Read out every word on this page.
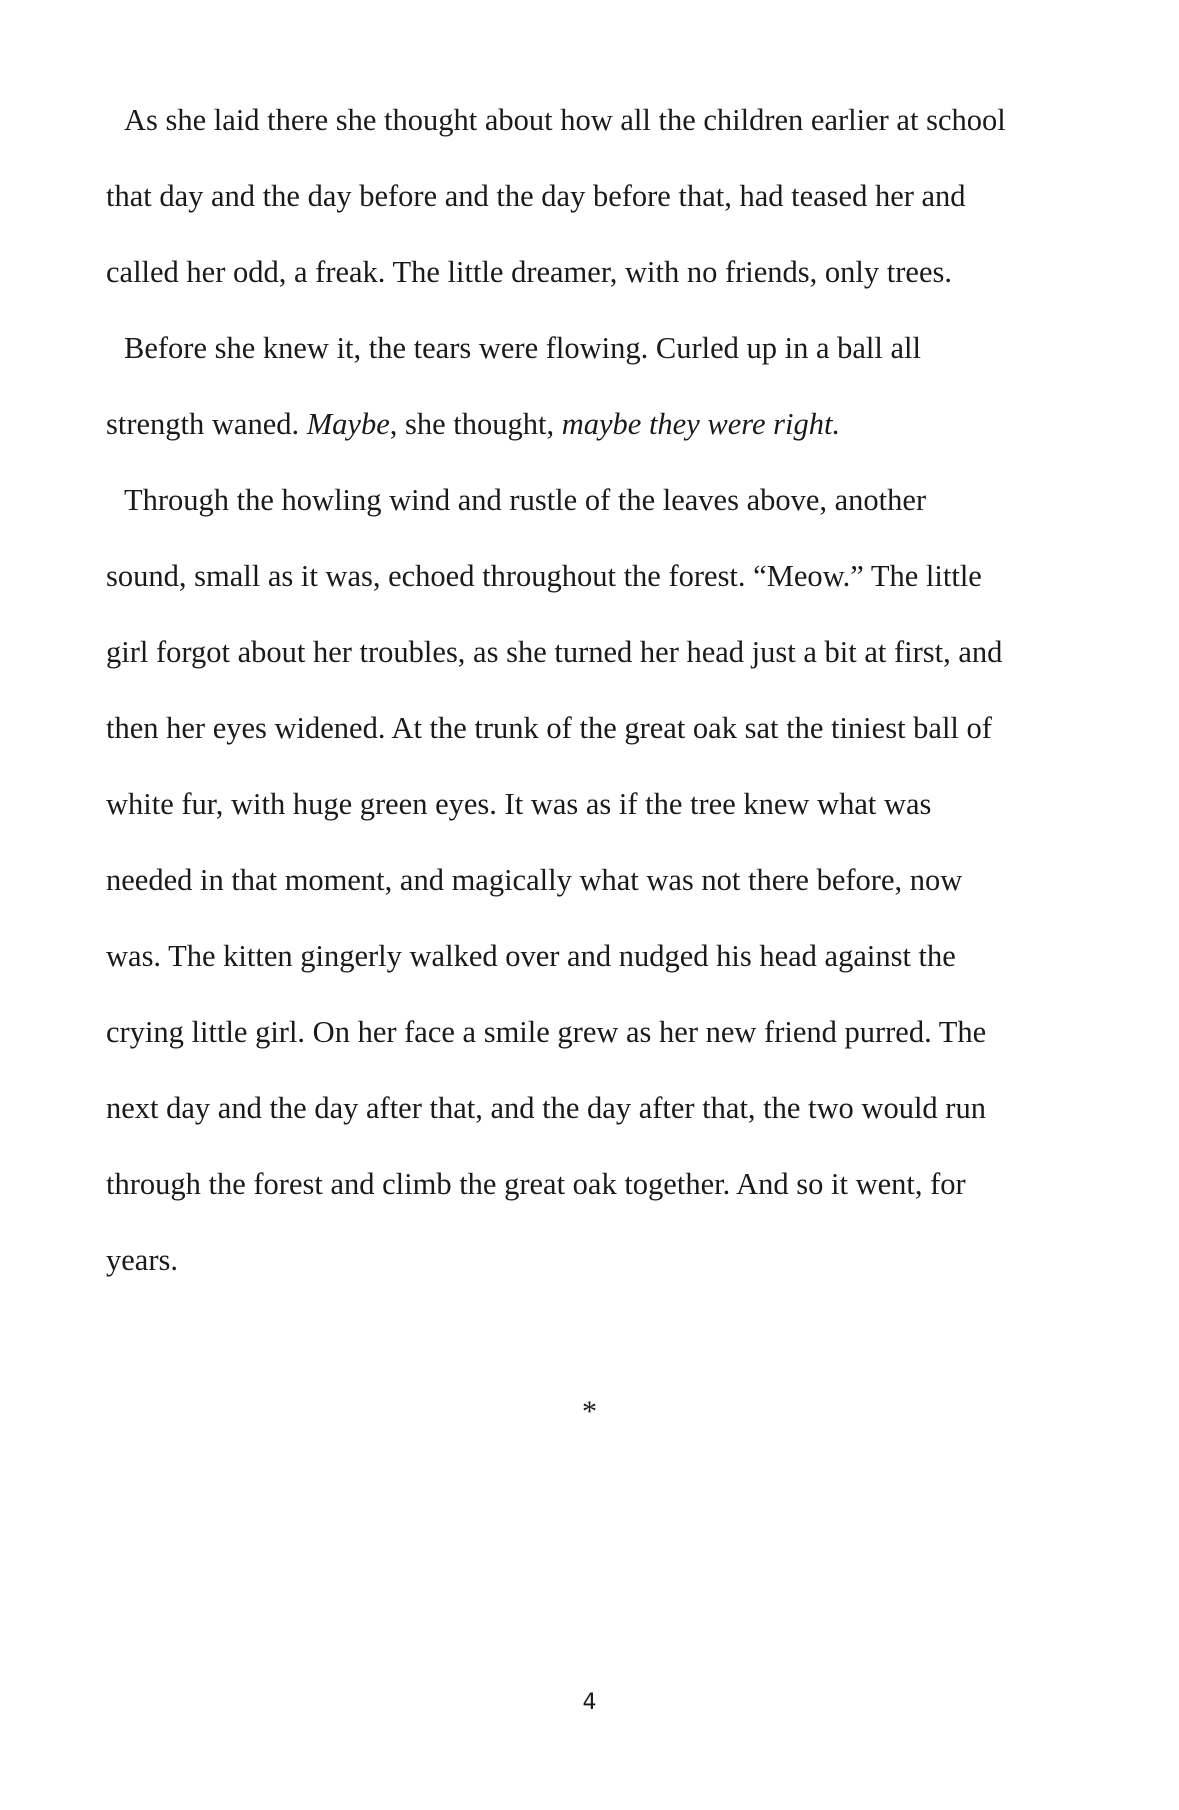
As she laid there she thought about how all the children earlier at school
that day and the day before and the day before that, had teased her and
called her odd, a freak. The little dreamer, with no friends, only trees.
Before she knew it, the tears were flowing. Curled up in a ball all
strength waned. Maybe, she thought, maybe they were right.
Through the howling wind and rustle of the leaves above, another
sound, small as it was, echoed throughout the forest. “Meow.” The little
girl forgot about her troubles, as she turned her head just a bit at first, and
then her eyes widened. At the trunk of the great oak sat the tiniest ball of
white fur, with huge green eyes. It was as if the tree knew what was
needed in that moment, and magically what was not there before, now
was. The kitten gingerly walked over and nudged his head against the
crying little girl. On her face a smile grew as her new friend purred. The
next day and the day after that, and the day after that, the two would run
through the forest and climb the great oak together. And so it went, for
years.
*
4
